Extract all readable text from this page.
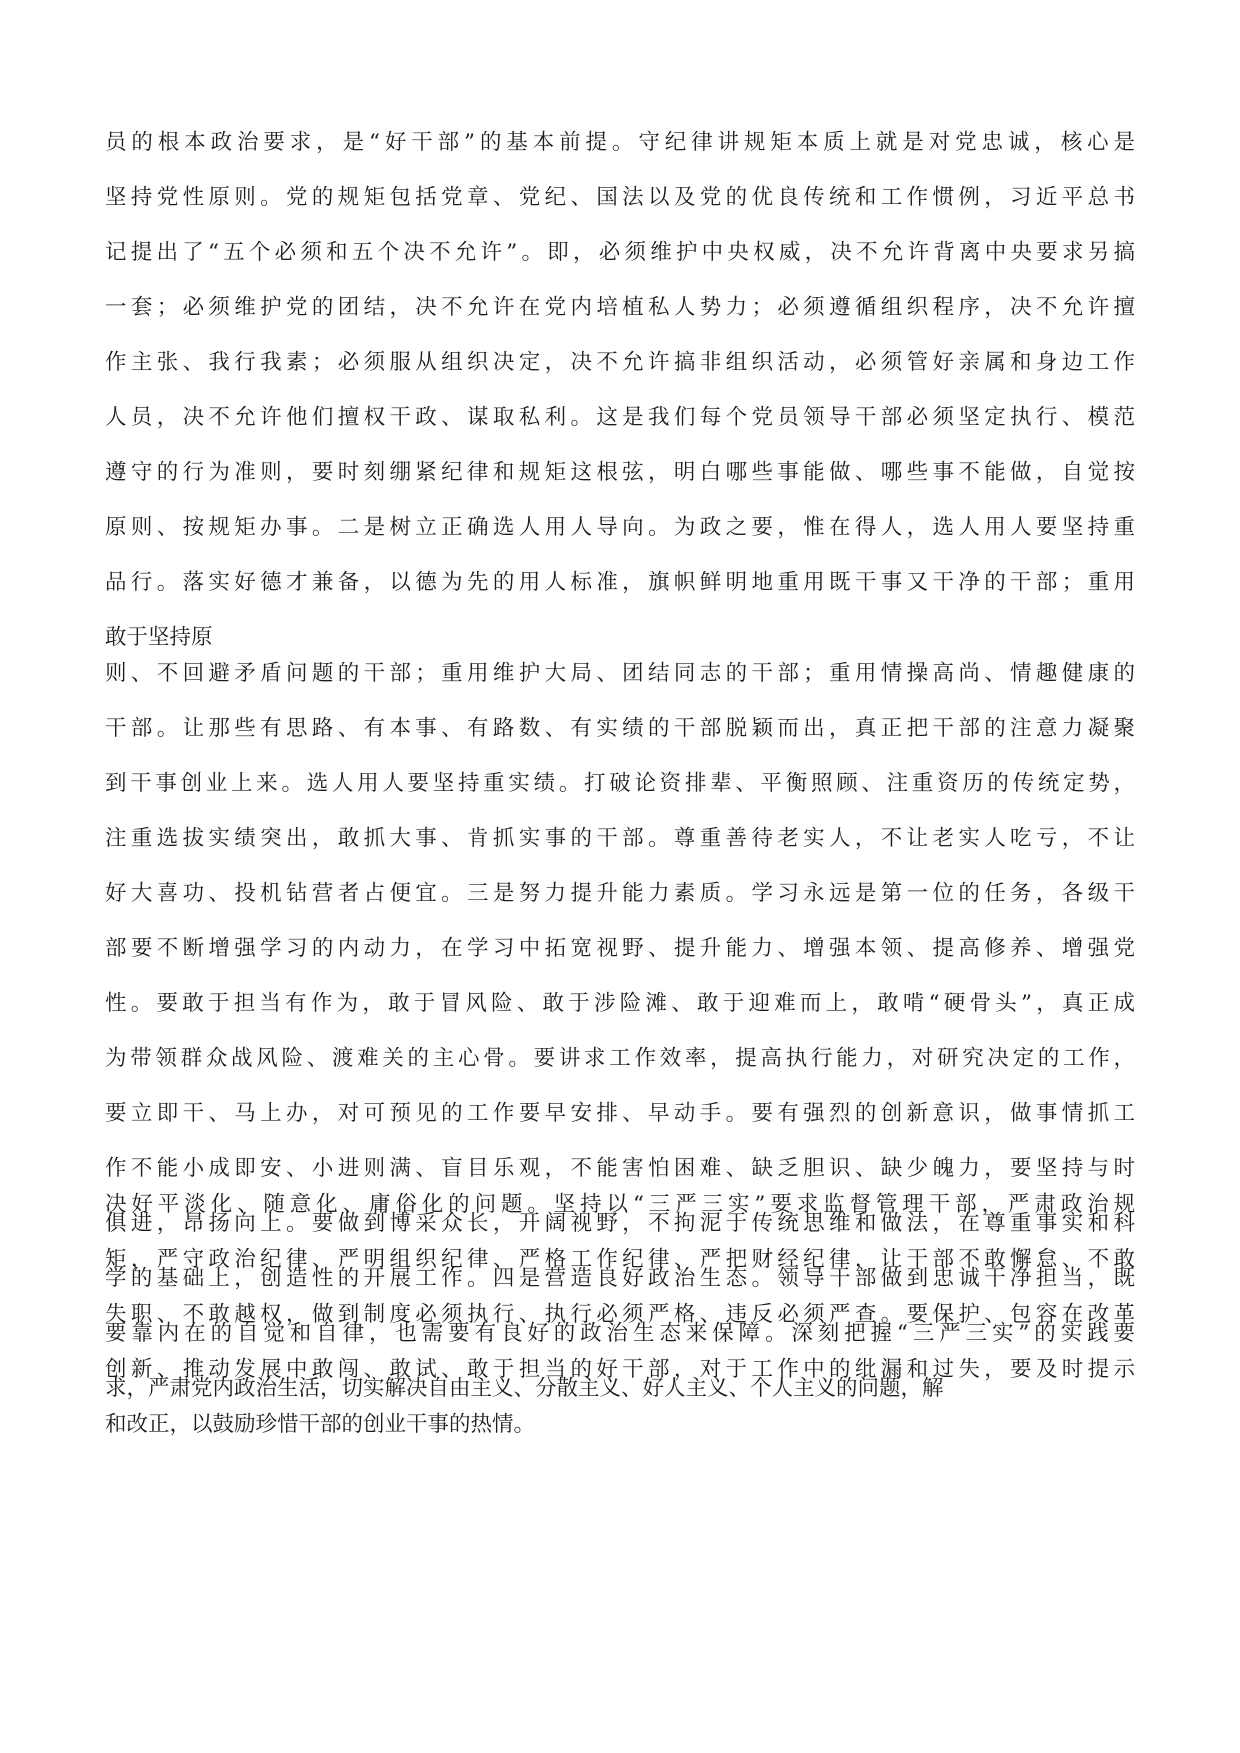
员的根本政治要求，是“好干部”的基本前提。守纪律讲规矩本质上就是对党忠诚，核心是
坚持党性原则。党的规矩包括党章、党纪、国法以及党的优良传统和工作惯例，习近平总书
记提出了“五个必须和五个决不允许”。即，必须维护中央权威，决不允许背离中央要求另搞
一套；必须维护党的团结，决不允许在党内培植私人势力；必须遵循组织程序，决不允许擅
作主张、我行我素；必须服从组织决定，决不允许搞非组织活动，必须管好亲属和身边工作
人员，决不允许他们擅权干政、谋取私利。这是我们每个党员领导干部必须坚定执行、模范
遵守的行为准则，要时刻绷紧纪律和规矩这根弦，明白哪些事能做、哪些事不能做，自觉按
原则、按规矩办事。二是树立正确选人用人导向。为政之要，惟在得人，选人用人要坚持重
品行。落实好德才兼备，以德为先的用人标准，旗帜鲜明地重用既干事又干净的干部；重用
敢于坚持原
则、不回避矛盾问题的干部；重用维护大局、团结同志的干部；重用情操高尚、情趣健康的
干部。让那些有思路、有本事、有路数、有实绩的干部脱颖而出，真正把干部的注意力凝聚
到干事创业上来。选人用人要坚持重实绩。打破论资排辈、平衡照顾、注重资历的传统定势，
注重选拔实绩突出，敢抓大事、肯抓实事的干部。尊重善待老实人，不让老实人吃亏，不让
好大喜功、投机钻营者占便宜。三是努力提升能力素质。学习永远是第一位的任务，各级干
部要不断增强学习的内动力，在学习中拓宽视野、提升能力、增强本领、提高修养、增强党
性。要敢于担当有作为，敢于冒风险、敢于涉险滩、敢于迎难而上，敢啃“硬骨头”，真正成
为带领群众战风险、渡难关的主心骨。要讲求工作效率，提高执行能力，对研究决定的工作，
要立即干、马上办，对可预见的工作要早安排、早动手。要有强烈的创新意识，做事情抓工
作不能小成即安、小进则满、盲目乐观，不能害怕困难、缺乏胆识、缺少魄力，要坚持与时
俱进，昂扬向上。要做到博采众长，开阔视野，不拘泥于传统思维和做法，在尊重事实和科
学的基础上，创造性的开展工作。四是营造良好政治生态。领导干部做到忠诚干净担当，既
要靠内在的自觉和自律，也需要有良好的政治生态来保障。深刻把握“三严三实”的实践要
求，严肃党内政治生活，切实解决自由主义、分散主义、好人主义、个人主义的问题，解
决好平淡化、随意化、庸俗化的问题。坚持以“三严三实”要求监督管理干部，严肃政治规
矩，严守政治纪律、严明组织纪律、严格工作纪律、严把财经纪律，让干部不敢懈怠、不敢
失职、不敢越权，做到制度必须执行、执行必须严格、违反必须严查。要保护、包容在改革
创新、推动发展中敢闯、敢试、敢于担当的好干部，对于工作中的纰漏和过失，要及时提示
和改正，以鼓励珍惜干部的创业干事的热情。
